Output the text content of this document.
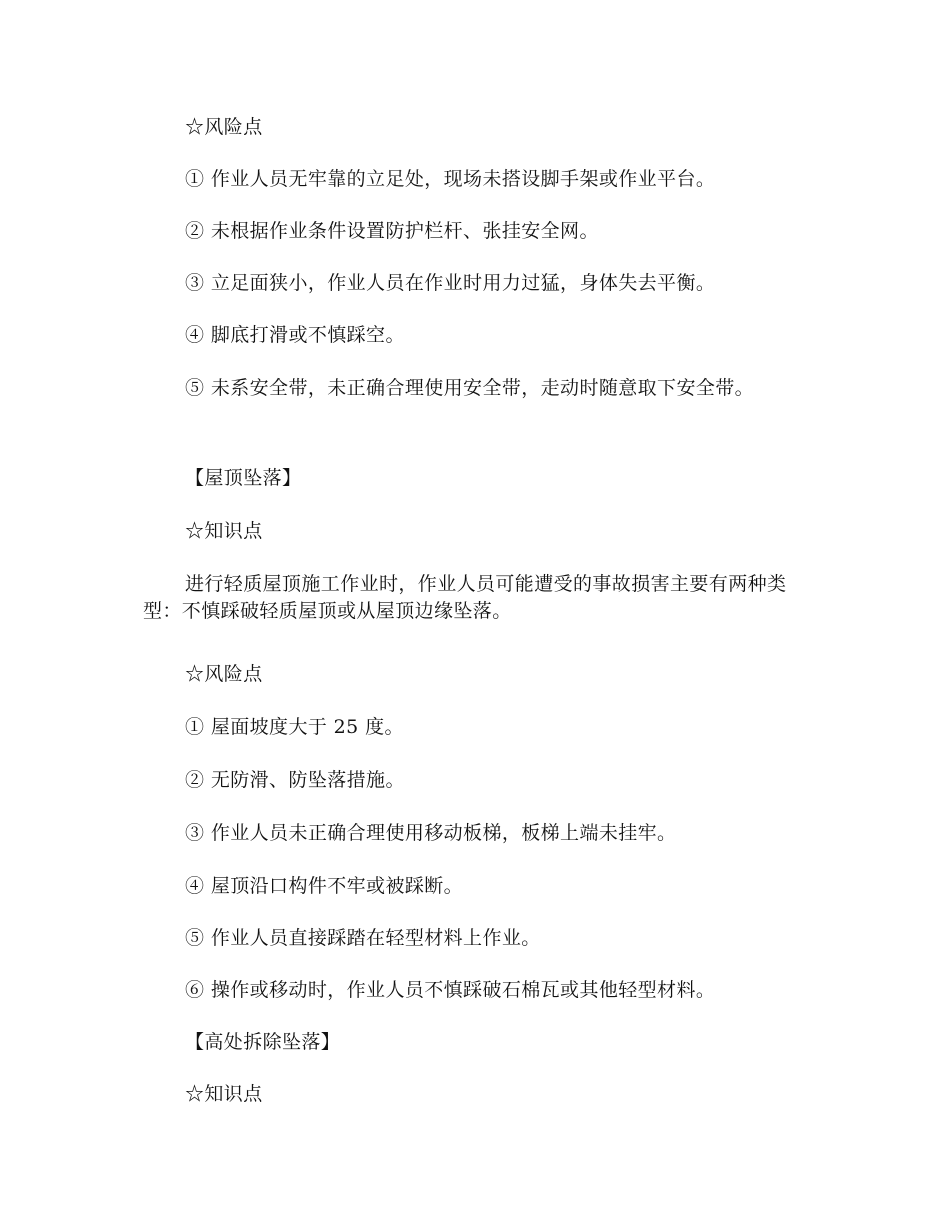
☆风险点
① 作业人员无牢靠的立足处，现场未搭设脚手架或作业平台。
② 未根据作业条件设置防护栏杆、张挂安全网。
③ 立足面狭小，作业人员在作业时用力过猛，身体失去平衡。
④ 脚底打滑或不慎踩空。
⑤ 未系安全带，未正确合理使用安全带，走动时随意取下安全带。
【屋顶坠落】
☆知识点
进行轻质屋顶施工作业时，作业人员可能遭受的事故损害主要有两种类型：不慎踩破轻质屋顶或从屋顶边缘坠落。
☆风险点
① 屋面坡度大于 25 度。
② 无防滑、防坠落措施。
③ 作业人员未正确合理使用移动板梯，板梯上端未挂牢。
④ 屋顶沿口构件不牢或被踩断。
⑤ 作业人员直接踩踏在轻型材料上作业。
⑥ 操作或移动时，作业人员不慎踩破石棉瓦或其他轻型材料。
【高处拆除坠落】
☆知识点
